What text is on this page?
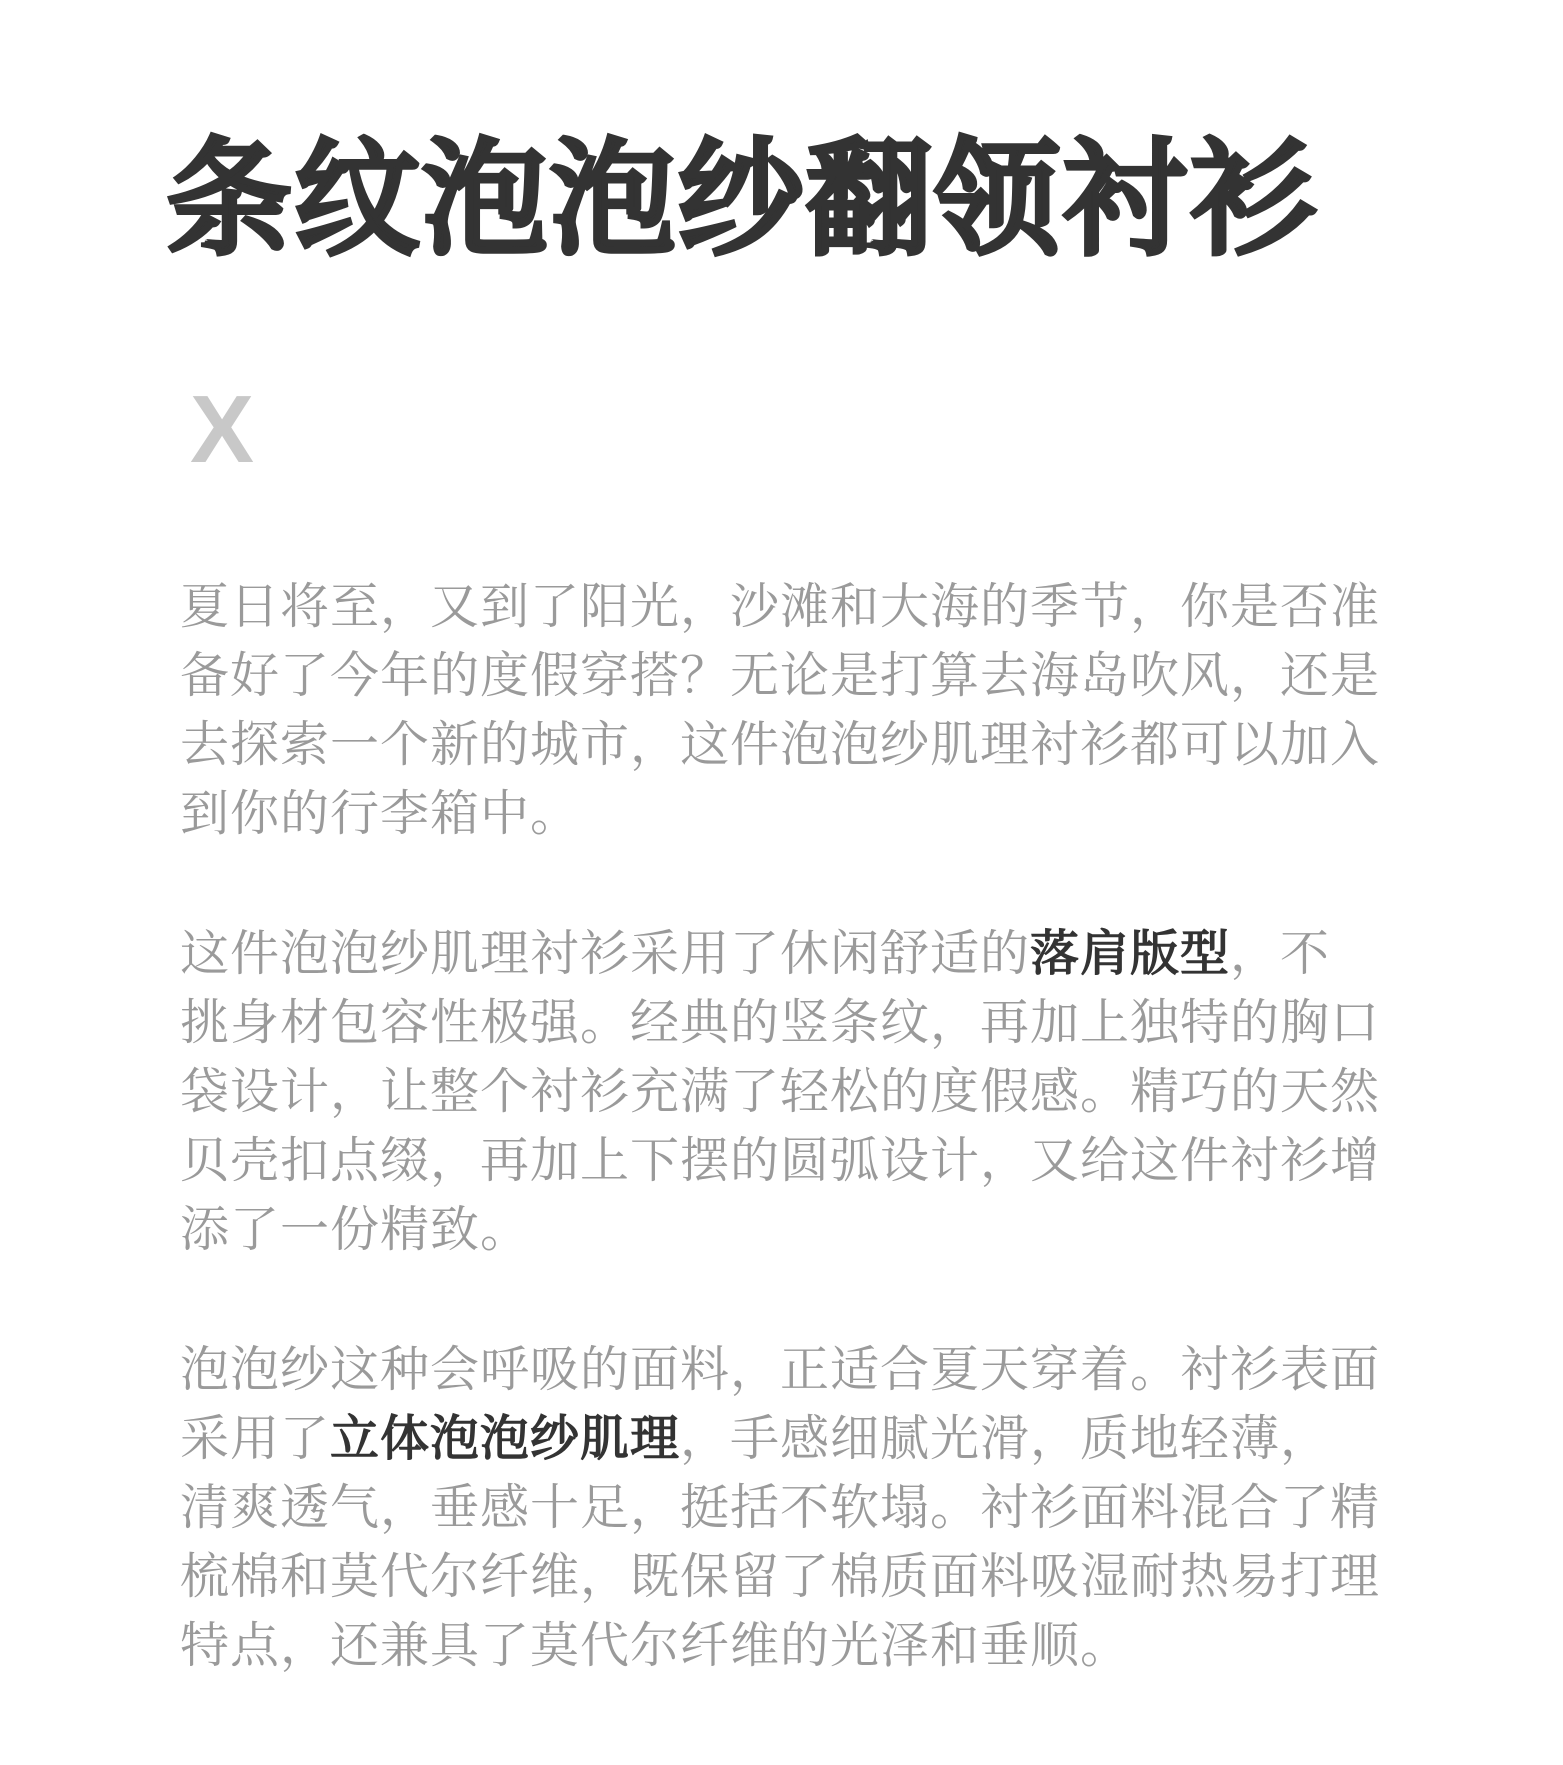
条纹泡泡纱翻领衬衫
X

夏日将至，又到了阳光，沙滩和大海的季节，你是否准备好了今年的度假穿搭？无论是打算去海岛吹风，还是去探索一个新的城市，这件泡泡纱肌理衬衫都可以加入到你的行李箱中。

这件泡泡纱肌理衬衫采用了休闲舒适的落肩版型，不挑身材包容性极强。经典的竖条纹，再加上独特的胸口袋设计，让整个衬衫充满了轻松的度假感。精巧的天然贝壳扣点缀，再加上下摆的圆弧设计，又给这件衬衫增添了一份精致。

泡泡纱这种会呼吸的面料，正适合夏天穿着。衬衫表面采用了立体泡泡纱肌理，手感细腻光滑，质地轻薄，清爽透气，垂感十足，挺括不软塌。衬衫面料混合了精梳棉和莫代尔纤维，既保留了棉质面料吸湿耐热易打理特点，还兼具了莫代尔纤维的光泽和垂顺。
